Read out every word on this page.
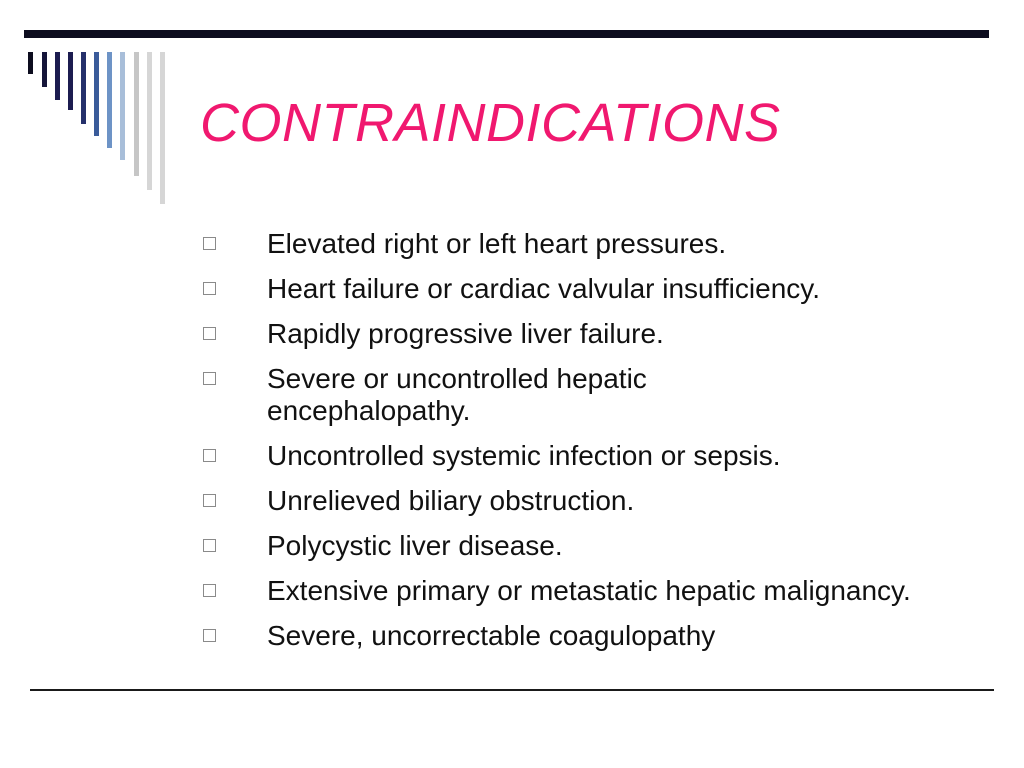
CONTRAINDICATIONS
Elevated right or left heart pressures.
Heart failure or cardiac valvular insufficiency.
Rapidly progressive liver failure.
Severe or uncontrolled hepatic encephalopathy.
Uncontrolled systemic infection or sepsis.
Unrelieved biliary obstruction.
Polycystic liver disease.
Extensive primary or metastatic hepatic malignancy.
Severe, uncorrectable coagulopathy
